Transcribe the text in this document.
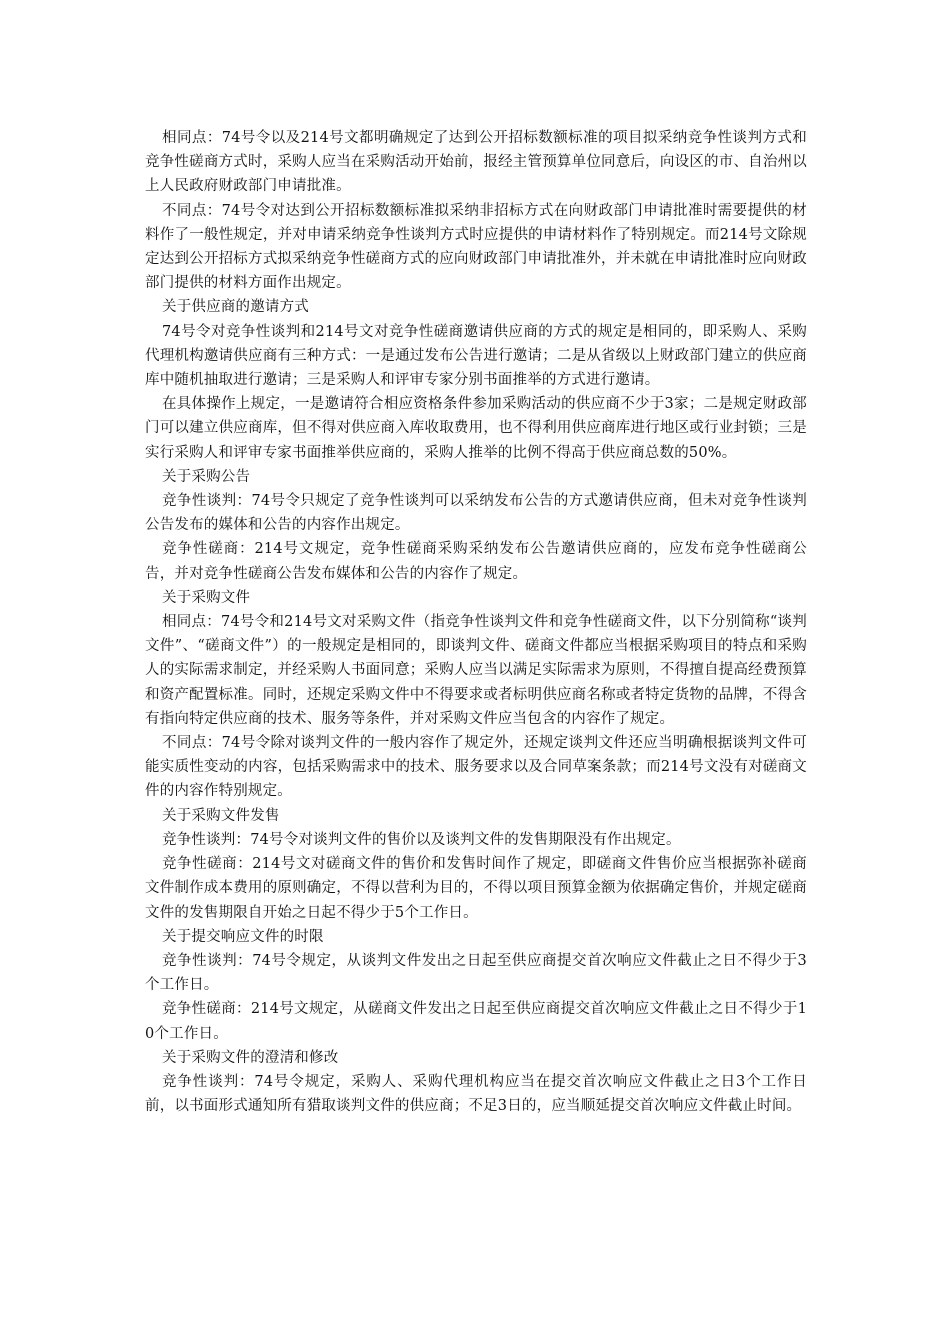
相同点：74号令以及214号文都明确规定了达到公开招标数额标准的项目拟采纳竞争性谈判方式和竞争性磋商方式时，采购人应当在采购活动开始前，报经主管预算单位同意后，向设区的市、自治州以上人民政府财政部门申请批准。

不同点：74号令对达到公开招标数额标准拟采纳非招标方式在向财政部门申请批准时需要提供的材料作了一般性规定，并对申请采纳竞争性谈判方式时应提供的申请材料作了特别规定。而214号文除规定达到公开招标方式拟采纳竞争性磋商方式的应向财政部门申请批准外，并未就在申请批准时应向财政部门提供的材料方面作出规定。

关于供应商的邀请方式

74号令对竞争性谈判和214号文对竞争性磋商邀请供应商的方式的规定是相同的，即采购人、采购代理机构邀请供应商有三种方式：一是通过发布公告进行邀请；二是从省级以上财政部门建立的供应商库中随机抽取进行邀请；三是采购人和评审专家分别书面推举的方式进行邀请。

在具体操作上规定，一是邀请符合相应资格条件参加采购活动的供应商不少于3家；二是规定财政部门可以建立供应商库，但不得对供应商入库收取费用，也不得利用供应商库进行地区或行业封锁；三是实行采购人和评审专家书面推举供应商的，采购人推举的比例不得高于供应商总数的50%。

关于采购公告

竞争性谈判：74号令只规定了竞争性谈判可以采纳发布公告的方式邀请供应商，但未对竞争性谈判公告发布的媒体和公告的内容作出规定。

竞争性磋商：214号文规定，竞争性磋商采购采纳发布公告邀请供应商的，应发布竞争性磋商公告，并对竞争性磋商公告发布媒体和公告的内容作了规定。

关于采购文件

相同点：74号令和214号文对采购文件（指竞争性谈判文件和竞争性磋商文件，以下分别简称“谈判文件”、“磋商文件”）的一般规定是相同的，即谈判文件、磋商文件都应当根据采购项目的特点和采购人的实际需求制定，并经采购人书面同意；采购人应当以满足实际需求为原则，不得擅自提高经费预算和资产配置标准。同时，还规定采购文件中不得要求或者标明供应商名称或者特定货物的品牌，不得含有指向特定供应商的技术、服务等条件，并对采购文件应当包含的内容作了规定。

不同点：74号令除对谈判文件的一般内容作了规定外，还规定谈判文件还应当明确根据谈判文件可能实质性变动的内容，包括采购需求中的技术、服务要求以及合同草案条款；而214号文没有对磋商文件的内容作特别规定。

关于采购文件发售

竞争性谈判：74号令对谈判文件的售价以及谈判文件的发售期限没有作出规定。

竞争性磋商：214号文对磋商文件的售价和发售时间作了规定，即磋商文件售价应当根据弥补磋商文件制作成本费用的原则确定，不得以营利为目的，不得以项目预算金额为依据确定售价，并规定磋商文件的发售期限自开始之日起不得少于5个工作日。

关于提交响应文件的时限

竞争性谈判：74号令规定，从谈判文件发出之日起至供应商提交首次响应文件截止之日不得少于3个工作日。

竞争性磋商：214号文规定，从磋商文件发出之日起至供应商提交首次响应文件截止之日不得少于10个工作日。

关于采购文件的澄清和修改

竞争性谈判：74号令规定，采购人、采购代理机构应当在提交首次响应文件截止之日3个工作日前，以书面形式通知所有猎取谈判文件的供应商；不足3日的，应当顺延提交首次响应文件截止时间。
